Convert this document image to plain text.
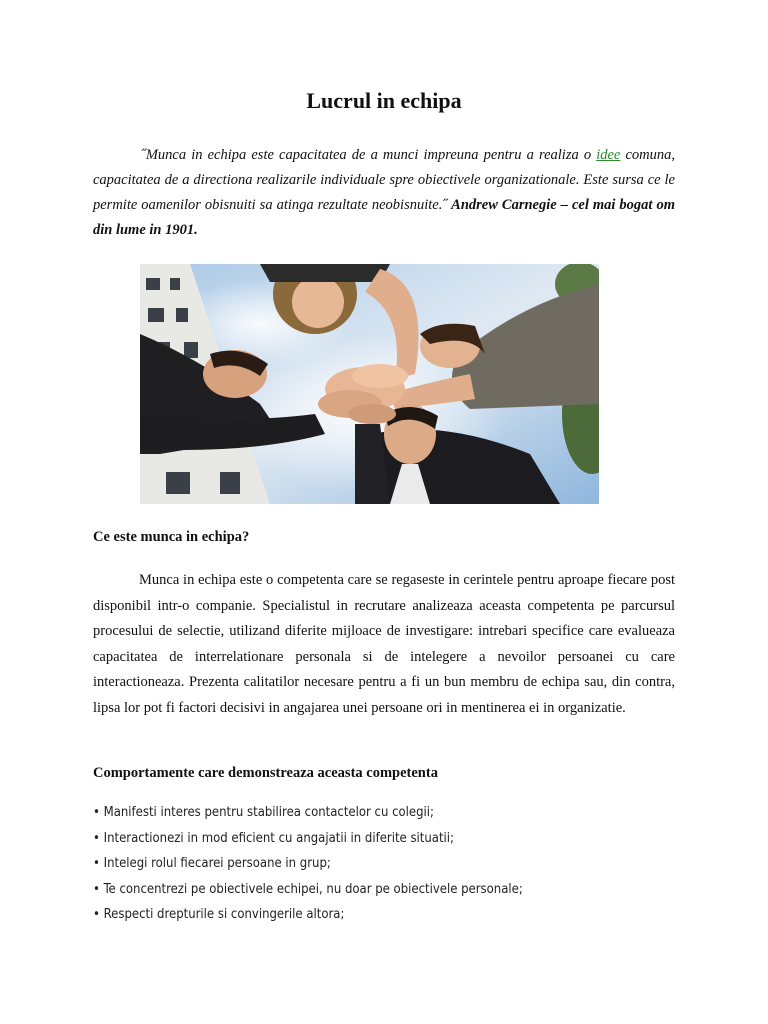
Lucrul in echipa

˝Munca in echipa este capacitatea de a munci impreuna pentru a realiza o idee comuna, capacitatea de a directiona realizarile individuale spre obiectivele organizationale. Este sursa ce le permite oamenilor obisnuiti sa atinga rezultate neobisnuite.˝ Andrew Carnegie – cel mai bogat om din lume in 1901.

Ce este munca in echipa?

Munca in echipa este o competenta care se regaseste in cerintele pentru aproape fiecare post disponibil intr-o companie. Specialistul in recrutare analizeaza aceasta competenta pe parcursul procesului de selectie, utilizand diferite mijloace de investigare: intrebari specifice care evalueaza capacitatea de interrelationare personala si de intelegere a nevoilor persoanei cu care interactioneaza. Prezenta calitatilor necesare pentru a fi un bun membru de echipa sau, din contra, lipsa lor pot fi factori decisivi in angajarea unei persoane ori in mentinerea ei in organizatie.

Comportamente care demonstreaza aceasta competenta
• Manifesti interes pentru stabilirea contactelor cu colegii;
• Interactionezi in mod eficient cu angajatii in diferite situatii;
• Intelegi rolul fiecarei persoane in grup;
• Te concentrezi pe obiectivele echipei, nu doar pe obiectivele personale;
• Respecti drepturile si convingerile altora;
